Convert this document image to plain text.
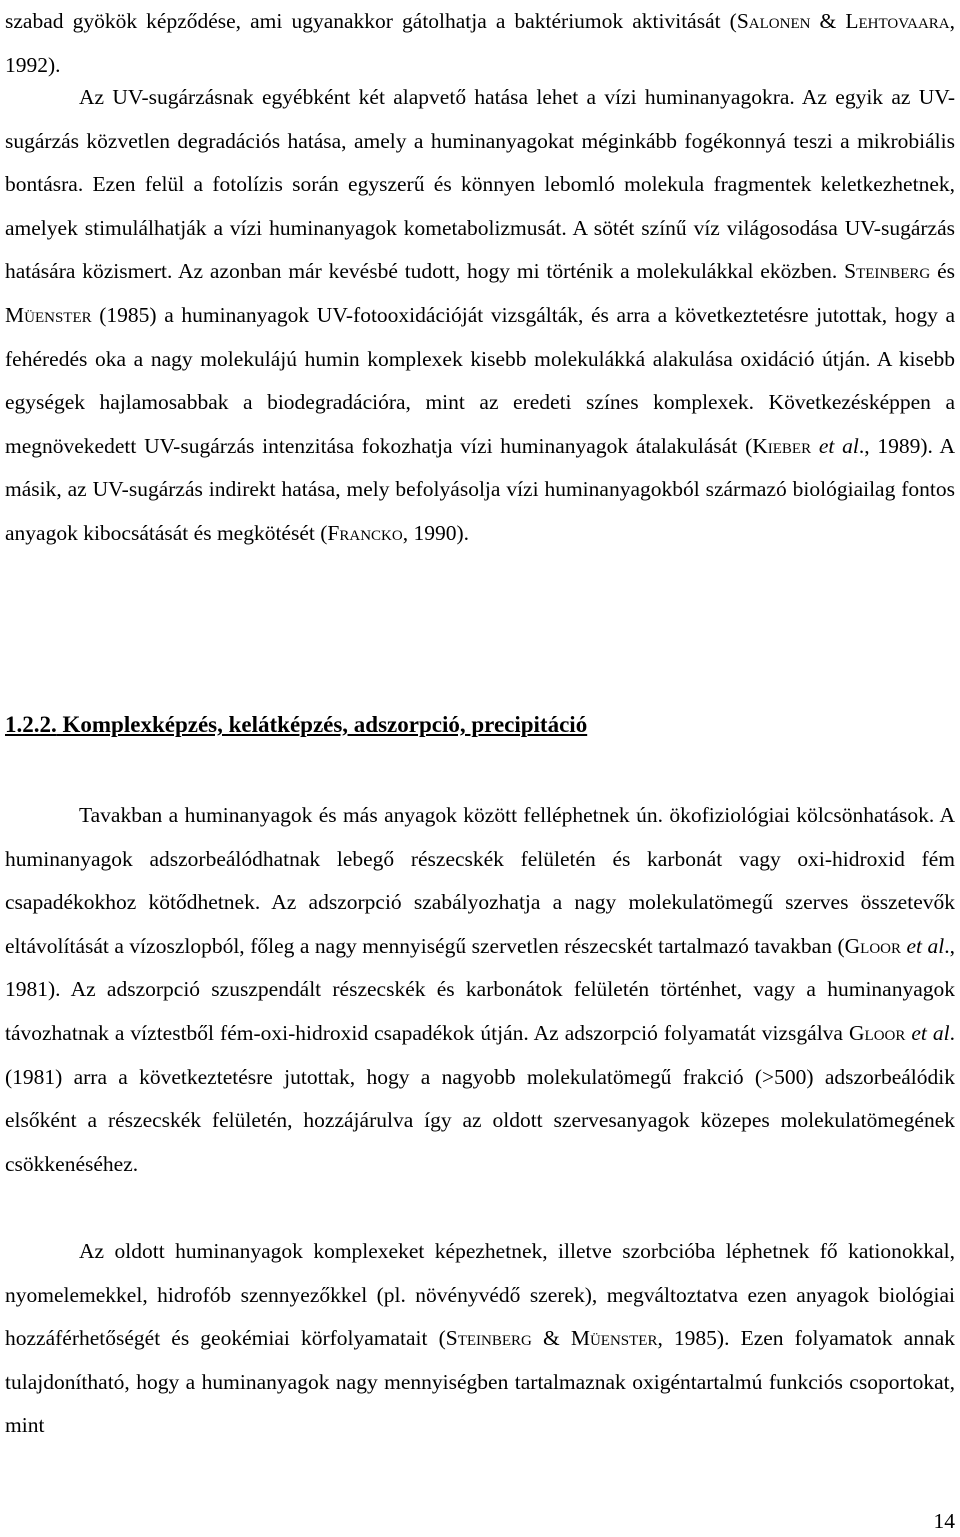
szabad gyökök képződése, ami ugyanakkor gátolhatja a baktériumok aktivitását (Salonen & Lehtovaara, 1992).

Az UV-sugárzásnak egyébként két alapvető hatása lehet a vízi huminanyagokra. Az egyik az UV-sugárzás közvetlen degradációs hatása, amely a huminanyagokat méginkább fogékonnyá teszi a mikrobiális bontásra. Ezen felül a fotolízis során egyszerű és könnyen lebomló molekula fragmentek keletkezhetnek, amelyek stimulálhatják a vízi huminanyagok kometabolizmusát. A sötét színű víz világosodása UV-sugárzás hatására közismert. Az azonban már kevésbé tudott, hogy mi történik a molekulákkal eközben. Steinberg és Müenster (1985) a huminanyagok UV-fotooxidációját vizsgálták, és arra a következtetésre jutottak, hogy a fehéredés oka a nagy molekulájú humin komplexek kisebb molekulákká alakulása oxidáció útján. A kisebb egységek hajlamosabbak a biodegradációra, mint az eredeti színes komplexek. Következésképpen a megnövekedett UV-sugárzás intenzitása fokozhatja vízi huminanyagok átalakulását (Kieber et al., 1989). A másik, az UV-sugárzás indirekt hatása, mely befolyásolja vízi huminanyagokból származó biológiailag fontos anyagok kibocsátását és megkötését (Francko, 1990).

1.2.2. Komplexképzés, kelátképzés, adszorpció, precipitáció

Tavakban a huminanyagok és más anyagok között felléphetnek ún. ökofiziológiai kölcsönhatások. A huminanyagok adszorbeálódhatnak lebegő részecskék felületén és karbonát vagy oxi-hidroxid fém csapadékokhoz kötődhetnek. Az adszorpció szabályozhatja a nagy molekulatömegű szerves összetevők eltávolítását a vízoszlopból, főleg a nagy mennyiségű szervetlen részecskét tartalmazó tavakban (Gloor et al., 1981). Az adszorpció szuszpendált részecskék és karbonátok felületén történhet, vagy a huminanyagok távozhatnak a víztestből fém-oxi-hidroxid csapadékok útján. Az adszorpció folyamatát vizsgálva Gloor et al. (1981) arra a következtetésre jutottak, hogy a nagyobb molekulatömegű frakció (>500) adszorbeálódik elsőként a részecskék felületén, hozzájárulva így az oldott szervesanyagok közepes molekulatömegének csökkenéséhez.

Az oldott huminanyagok komplexeket képezhetnek, illetve szorbcióba léphetnek fő kationokkal, nyomelemekkel, hidrofób szennyezőkkel (pl. növényvédő szerek), megváltoztatva ezen anyagok biológiai hozzáférhetőségét és geokémiai körfolyamatait (Steinberg & Müenster, 1985). Ezen folyamatok annak tulajdonítható, hogy a huminanyagok nagy mennyiségben tartalmaznak oxigéntartalmú funkciós csoportokat, mint

14
